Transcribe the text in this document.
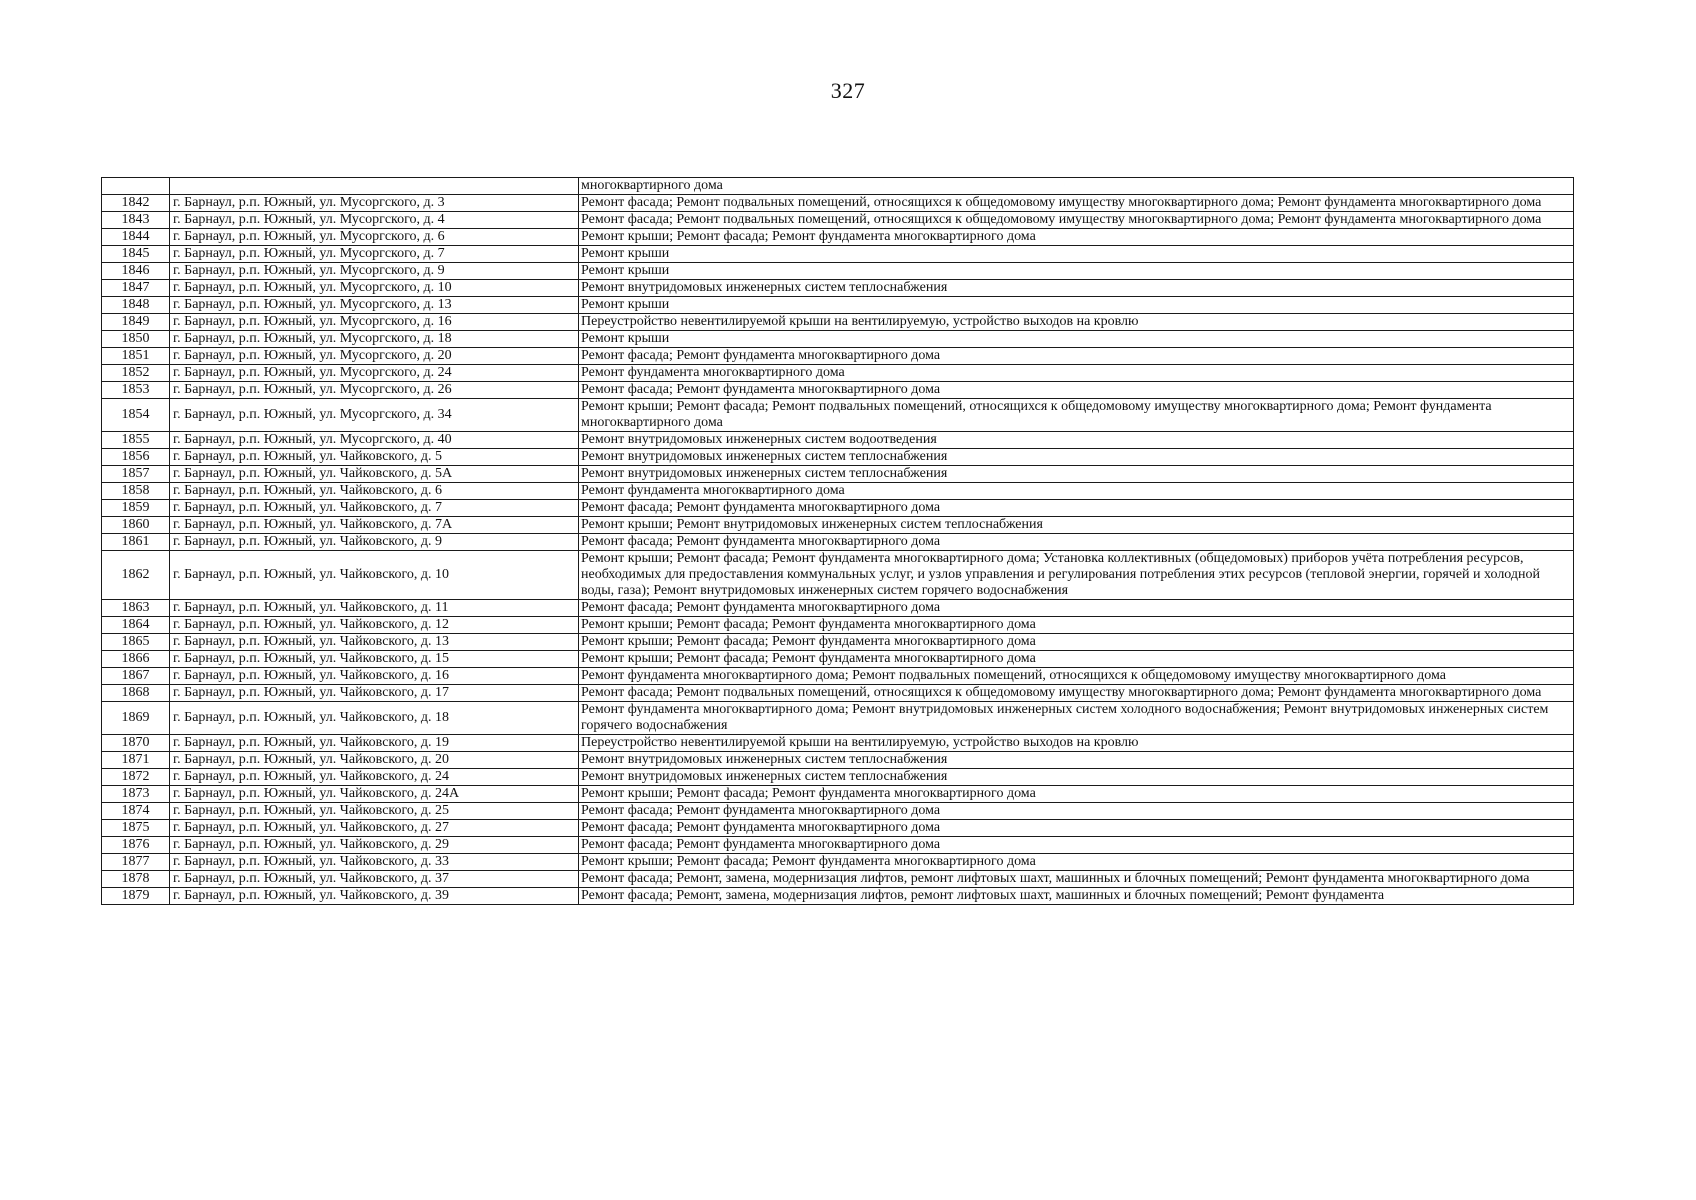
327
		многоквартирного дома
1842	г. Барнаул, р.п. Южный, ул. Мусоргского, д. 3	Ремонт фасада; Ремонт подвальных помещений, относящихся к общедомовому имуществу многоквартирного дома; Ремонт фундамента многоквартирного дома
1843	г. Барнаул, р.п. Южный, ул. Мусоргского, д. 4	Ремонт фасада; Ремонт подвальных помещений, относящихся к общедомовому имуществу многоквартирного дома; Ремонт фундамента многоквартирного дома
1844	г. Барнаул, р.п. Южный, ул. Мусоргского, д. 6	Ремонт крыши; Ремонт фасада; Ремонт фундамента многоквартирного дома
1845	г. Барнаул, р.п. Южный, ул. Мусоргского, д. 7	Ремонт крыши
1846	г. Барнаул, р.п. Южный, ул. Мусоргского, д. 9	Ремонт крыши
1847	г. Барнаул, р.п. Южный, ул. Мусоргского, д. 10	Ремонт внутридомовых инженерных систем теплоснабжения
1848	г. Барнаул, р.п. Южный, ул. Мусоргского, д. 13	Ремонт крыши
1849	г. Барнаул, р.п. Южный, ул. Мусоргского, д. 16	Переустройство невентилируемой крыши на вентилируемую, устройство выходов на кровлю
1850	г. Барнаул, р.п. Южный, ул. Мусоргского, д. 18	Ремонт крыши
1851	г. Барнаул, р.п. Южный, ул. Мусоргского, д. 20	Ремонт фасада; Ремонт фундамента многоквартирного дома
1852	г. Барнаул, р.п. Южный, ул. Мусоргского, д. 24	Ремонт фундамента многоквартирного дома
1853	г. Барнаул, р.п. Южный, ул. Мусоргского, д. 26	Ремонт фасада; Ремонт фундамента многоквартирного дома
1854	г. Барнаул, р.п. Южный, ул. Мусоргского, д. 34	Ремонт крыши; Ремонт фасада; Ремонт подвальных помещений, относящихся к общедомовому имуществу многоквартирного дома; Ремонт фундамента многоквартирного дома
1855	г. Барнаул, р.п. Южный, ул. Мусоргского, д. 40	Ремонт внутридомовых инженерных систем водоотведения
1856	г. Барнаул, р.п. Южный, ул. Чайковского, д. 5	Ремонт внутридомовых инженерных систем теплоснабжения
1857	г. Барнаул, р.п. Южный, ул. Чайковского, д. 5А	Ремонт внутридомовых инженерных систем теплоснабжения
1858	г. Барнаул, р.п. Южный, ул. Чайковского, д. 6	Ремонт фундамента многоквартирного дома
1859	г. Барнаул, р.п. Южный, ул. Чайковского, д. 7	Ремонт фасада; Ремонт фундамента многоквартирного дома
1860	г. Барнаул, р.п. Южный, ул. Чайковского, д. 7А	Ремонт крыши; Ремонт внутридомовых инженерных систем теплоснабжения
1861	г. Барнаул, р.п. Южный, ул. Чайковского, д. 9	Ремонт фасада; Ремонт фундамента многоквартирного дома
1862	г. Барнаул, р.п. Южный, ул. Чайковского, д. 10	Ремонт крыши; Ремонт фасада; Ремонт фундамента многоквартирного дома; Установка коллективных (общедомовых) приборов учёта потребления ресурсов, необходимых для предоставления коммунальных услуг, и узлов управления и регулирования потребления этих ресурсов (тепловой энергии, горячей и холодной воды, газа); Ремонт внутридомовых инженерных систем горячего водоснабжения
1863	г. Барнаул, р.п. Южный, ул. Чайковского, д. 11	Ремонт фасада; Ремонт фундамента многоквартирного дома
1864	г. Барнаул, р.п. Южный, ул. Чайковского, д. 12	Ремонт крыши; Ремонт фасада; Ремонт фундамента многоквартирного дома
1865	г. Барнаул, р.п. Южный, ул. Чайковского, д. 13	Ремонт крыши; Ремонт фасада; Ремонт фундамента многоквартирного дома
1866	г. Барнаул, р.п. Южный, ул. Чайковского, д. 15	Ремонт крыши; Ремонт фасада; Ремонт фундамента многоквартирного дома
1867	г. Барнаул, р.п. Южный, ул. Чайковского, д. 16	Ремонт фундамента многоквартирного дома; Ремонт подвальных помещений, относящихся к общедомовому имуществу многоквартирного дома
1868	г. Барнаул, р.п. Южный, ул. Чайковского, д. 17	Ремонт фасада; Ремонт подвальных помещений, относящихся к общедомовому имуществу многоквартирного дома; Ремонт фундамента многоквартирного дома
1869	г. Барнаул, р.п. Южный, ул. Чайковского, д. 18	Ремонт фундамента многоквартирного дома; Ремонт внутридомовых инженерных систем холодного водоснабжения; Ремонт внутридомовых инженерных систем горячего водоснабжения
1870	г. Барнаул, р.п. Южный, ул. Чайковского, д. 19	Переустройство невентилируемой крыши на вентилируемую, устройство выходов на кровлю
1871	г. Барнаул, р.п. Южный, ул. Чайковского, д. 20	Ремонт внутридомовых инженерных систем теплоснабжения
1872	г. Барнаул, р.п. Южный, ул. Чайковского, д. 24	Ремонт внутридомовых инженерных систем теплоснабжения
1873	г. Барнаул, р.п. Южный, ул. Чайковского, д. 24А	Ремонт крыши; Ремонт фасада; Ремонт фундамента многоквартирного дома
1874	г. Барнаул, р.п. Южный, ул. Чайковского, д. 25	Ремонт фасада; Ремонт фундамента многоквартирного дома
1875	г. Барнаул, р.п. Южный, ул. Чайковского, д. 27	Ремонт фасада; Ремонт фундамента многоквартирного дома
1876	г. Барнаул, р.п. Южный, ул. Чайковского, д. 29	Ремонт фасада; Ремонт фундамента многоквартирного дома
1877	г. Барнаул, р.п. Южный, ул. Чайковского, д. 33	Ремонт крыши; Ремонт фасада; Ремонт фундамента многоквартирного дома
1878	г. Барнаул, р.п. Южный, ул. Чайковского, д. 37	Ремонт фасада; Ремонт, замена, модернизация лифтов, ремонт лифтовых шахт, машинных и блочных помещений; Ремонт фундамента многоквартирного дома
1879	г. Барнаул, р.п. Южный, ул. Чайковского, д. 39	Ремонт фасада; Ремонт, замена, модернизация лифтов, ремонт лифтовых шахт, машинных и блочных помещений; Ремонт фундамента
